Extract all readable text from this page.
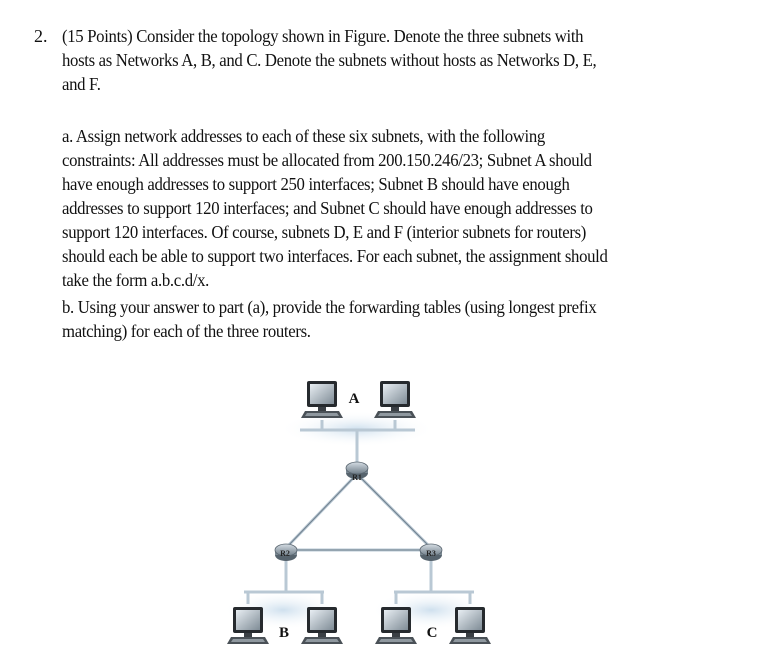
2. (15 Points) Consider the topology shown in Figure. Denote the three subnets with
hosts as Networks A, B, and C. Denote the subnets without hosts as Networks D, E,
and F.
a. Assign network addresses to each of these six subnets, with the following
constraints: All addresses must be allocated from 200.150.246/23; Subnet A should
have enough addresses to support 250 interfaces; Subnet B should have enough
addresses to support 120 interfaces; and Subnet C should have enough addresses to
support 120 interfaces. Of course, subnets D, E and F (interior subnets for routers)
should each be able to support two interfaces. For each subnet, the assignment should
take the form a.b.c.d/x.
b. Using your answer to part (a), provide the forwarding tables (using longest prefix
matching) for each of the three routers.
R1
R2	R3
A
B	C
